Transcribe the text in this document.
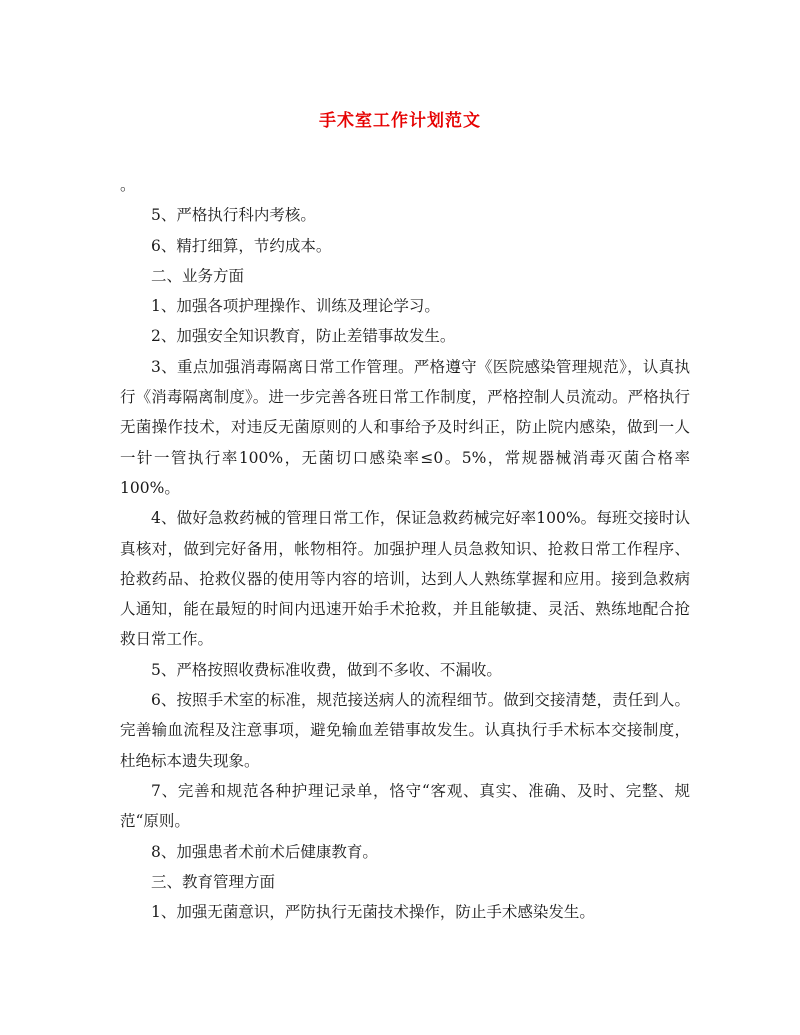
手术室工作计划范文

。

5、严格执行科内考核。

6、精打细算，节约成本。

二、业务方面

1、加强各项护理操作、训练及理论学习。

2、加强安全知识教育，防止差错事故发生。

3、重点加强消毒隔离日常工作管理。严格遵守《医院感染管理规范》，认真执行《消毒隔离制度》。进一步完善各班日常工作制度，严格控制人员流动。严格执行无菌操作技术，对违反无菌原则的人和事给予及时纠正，防止院内感染，做到一人一针一管执行率100%，无菌切口感染率≤0。5%，常规器械消毒灭菌合格率100%。

4、做好急救药械的管理日常工作，保证急救药械完好率100%。每班交接时认真核对，做到完好备用，帐物相符。加强护理人员急救知识、抢救日常工作程序、抢救药品、抢救仪器的使用等内容的培训，达到人人熟练掌握和应用。接到急救病人通知，能在最短的时间内迅速开始手术抢救，并且能敏捷、灵活、熟练地配合抢救日常工作。

5、严格按照收费标准收费，做到不多收、不漏收。

6、按照手术室的标准，规范接送病人的流程细节。做到交接清楚，责任到人。完善输血流程及注意事项，避免输血差错事故发生。认真执行手术标本交接制度，杜绝标本遗失现象。

7、完善和规范各种护理记录单，恪守“客观、真实、准确、及时、完整、规范“原则。

8、加强患者术前术后健康教育。

三、教育管理方面

1、加强无菌意识，严防执行无菌技术操作，防止手术感染发生。
